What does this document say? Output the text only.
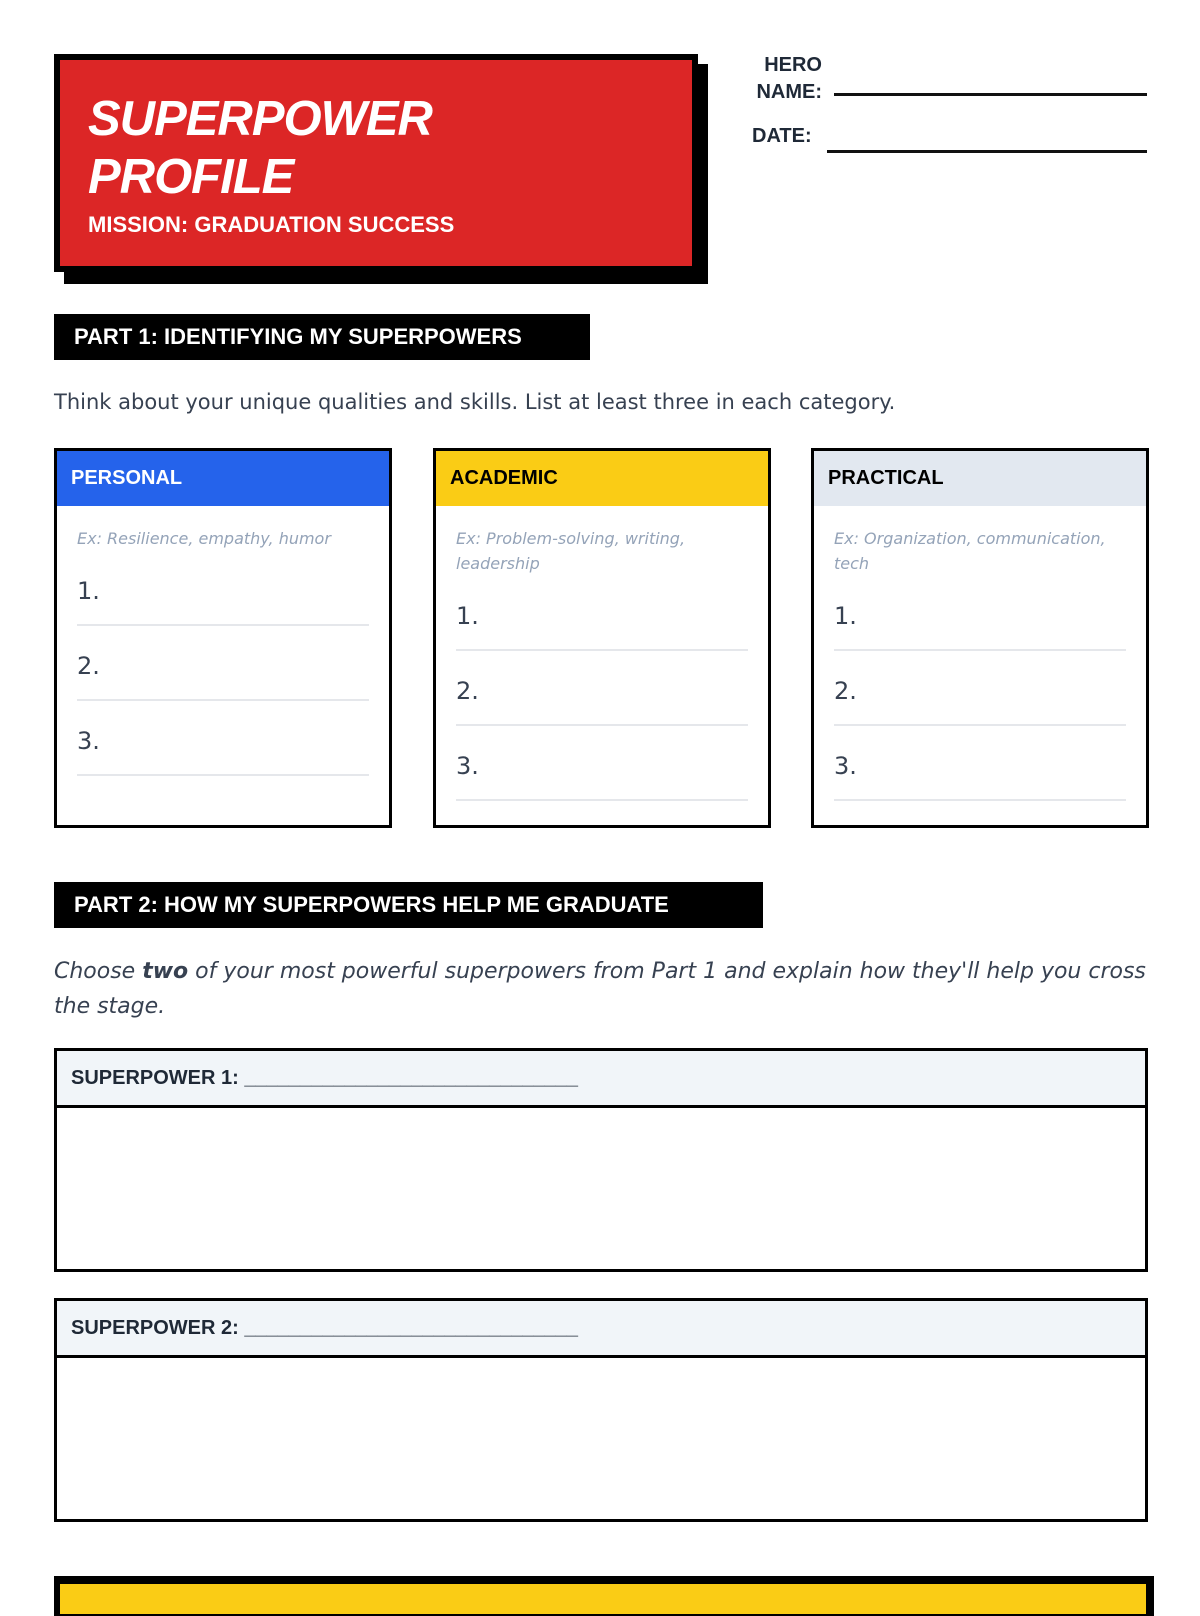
SUPERPOWER
PROFILE
MISSION: GRADUATION SUCCESS
HERO
NAME:
DATE:
PART 1: IDENTIFYING MY SUPERPOWERS
Think about your unique qualities and skills. List at least three in each category.
PERSONAL
Ex: Resilience, empathy, humor
1.
2.
3.
ACADEMIC
Ex: Problem-solving, writing, leadership
1.
2.
3.
PRACTICAL
Ex: Organization, communication, tech
1.
2.
3.
PART 2: HOW MY SUPERPOWERS HELP ME GRADUATE
Choose two of your most powerful superpowers from Part 1 and explain how they'll help you cross the stage.
SUPERPOWER 1: ______________________________
SUPERPOWER 2: ______________________________
